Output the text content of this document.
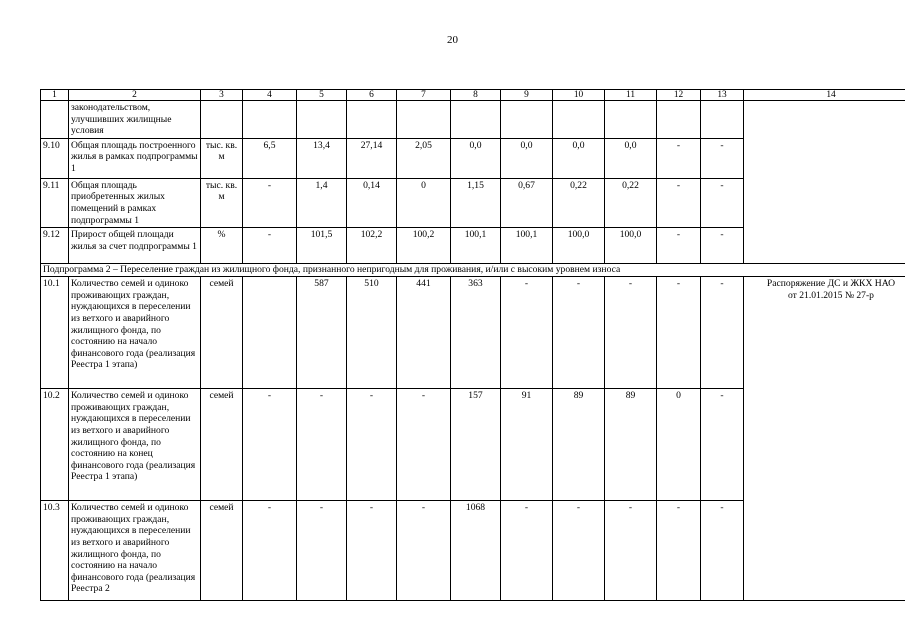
20
1	2	3	4	5	6	7	8	9	10	11	12	13	14
	законодательством, улучшивших жилищные условия												
9.10	Общая площадь построенного жилья в рамках подпрограммы 1	тыс. кв. м	6,5	13,4	27,14	2,05	0,0	0,0	0,0	0,0	-	-	
9.11	Общая площадь приобретенных жилых помещений в рамках подпрограммы 1	тыс. кв. м	-	1,4	0,14	0	1,15	0,67	0,22	0,22	-	-	
9.12	Прирост общей площади жилья за счет подпрограммы 1	%	-	101,5	102,2	100,2	100,1	100,1	100,0	100,0	-	-	
Подпрограмма 2 – Переселение граждан из жилищного фонда, признанного непригодным для проживания, и/или с высоким уровнем износа													
10.1	Количество семей и одиноко проживающих граждан, нуждающихся в переселении из ветхого и аварийного жилищного фонда, по состоянию на начало финансового года (реализация Реестра 1 этапа)	семей		587	510	441	363	-	-	-	-	-	Распоряжение ДС и ЖКХ НАО от 21.01.2015 № 27-р
10.2	Количество семей и одиноко проживающих граждан, нуждающихся в переселении из ветхого и аварийного жилищного фонда, по состоянию на конец финансового года (реализация Реестра 1 этапа)	семей	-	-	-	-	157	91	89	89	0	-	
10.3	Количество семей и одиноко проживающих граждан, нуждающихся в переселении из ветхого и аварийного жилищного фонда, по состоянию на начало финансового года (реализация Реестра 2	семей	-	-	-	-	1068	-	-	-	-	-	
